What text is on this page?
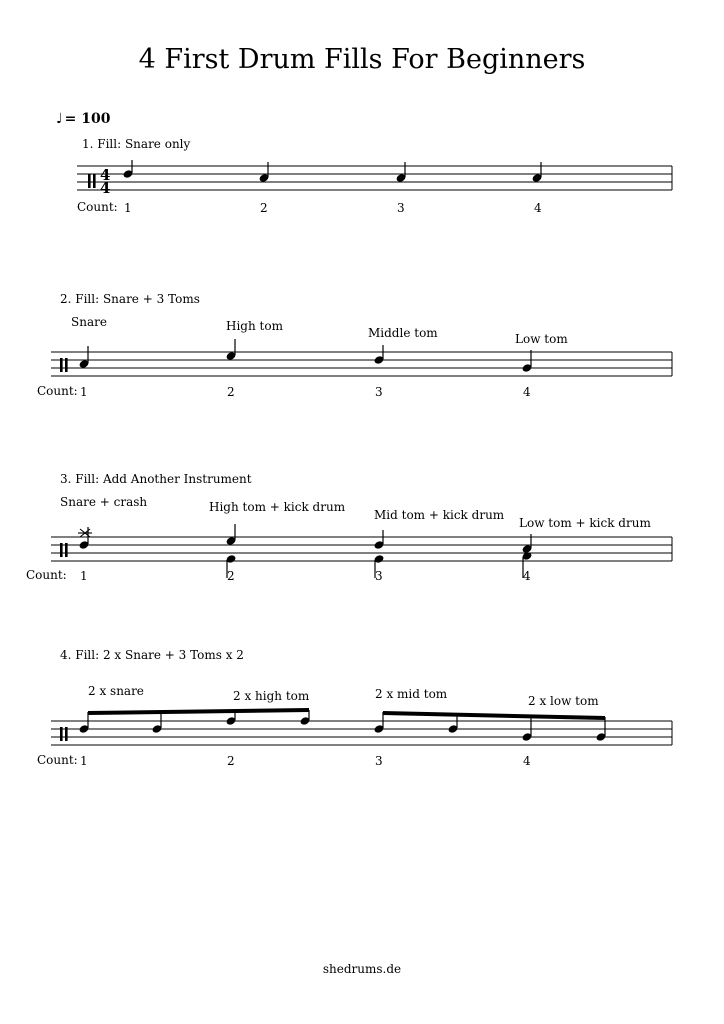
4 First Drum Fills For Beginners
♩ = 100
1. Fill: Snare only
Count: 1	2	3	4
2. Fill: Snare + 3 Toms
Snare	High tom	Middle tom	Low tom
Count: 1	2	3	4
3. Fill: Add Another Instrument
Snare + crash	High tom + kick drum
Mid tom + kick drum
Low tom + kick drum
Count: 1	2	3	4
4. Fill: 2 x Snare + 3 Toms x 2
2 x snare	2 x high tom	2 x mid tom	2 x low tom
Count: 1	2	3	4
shedrums.de
4
4
